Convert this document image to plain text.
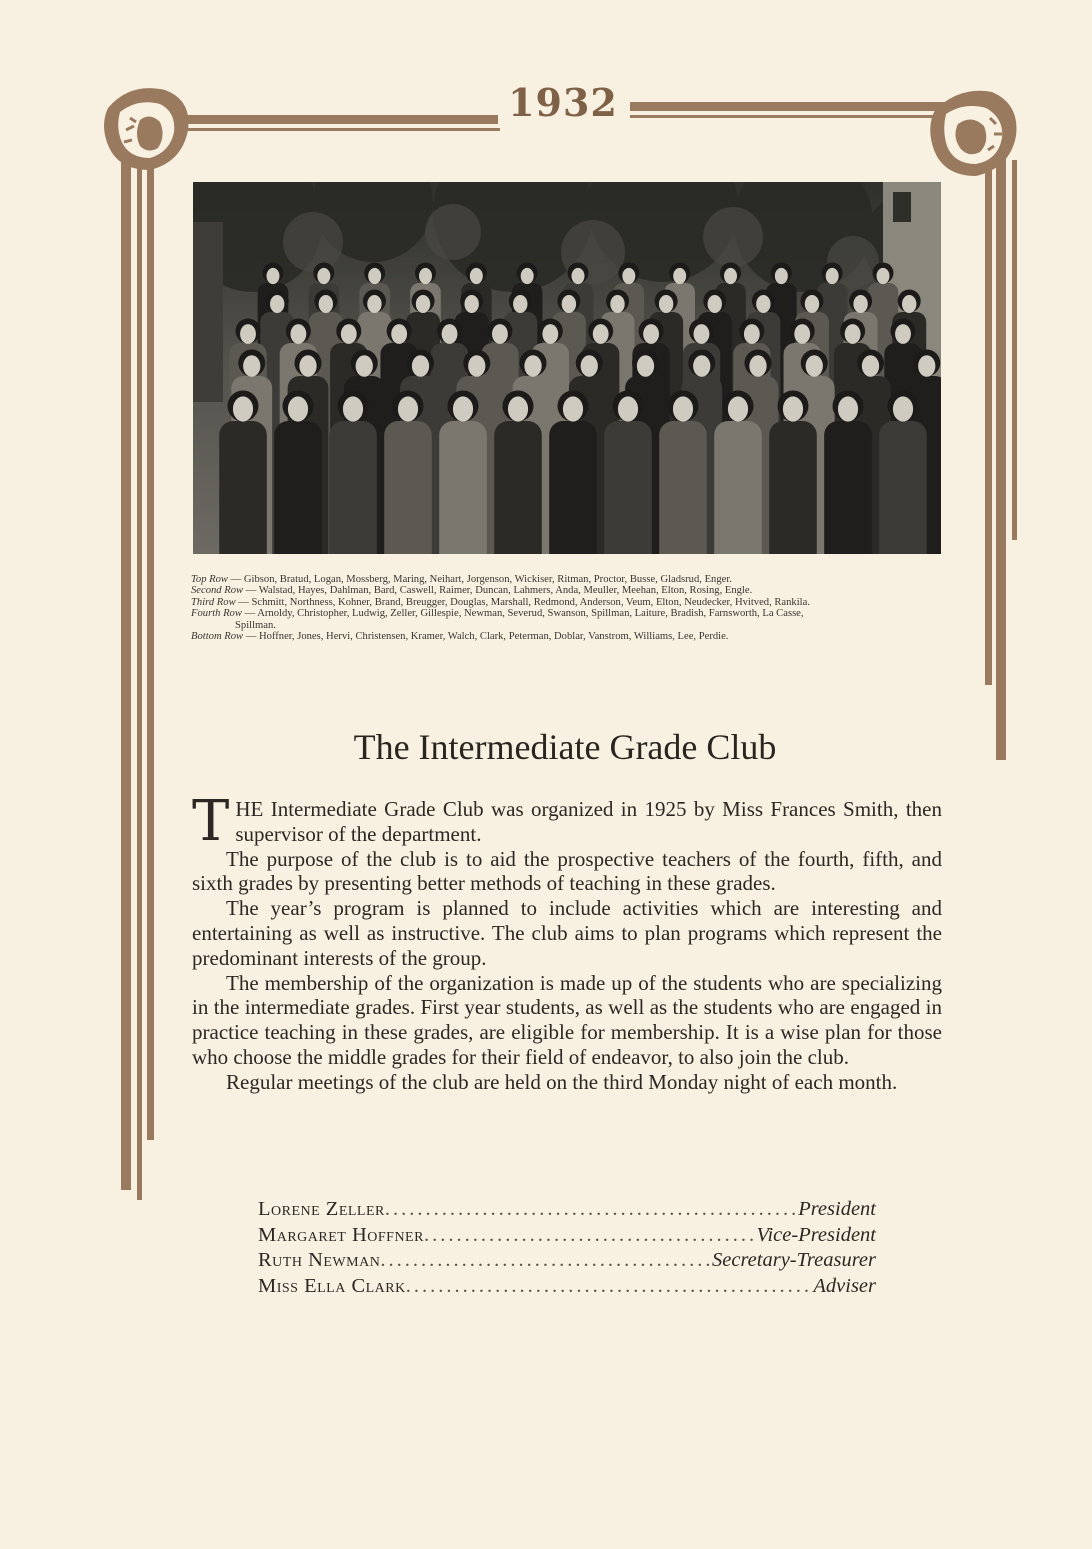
1932

Top Row — Gibson, Bratud, Logan, Mossberg, Maring, Neihart, Jorgenson, Wickiser, Ritman, Proctor, Busse, Gladsrud, Enger.

Second Row — Walstad, Hayes, Dahlman, Bard, Caswell, Raimer, Duncan, Lahmers, Anda, Meuller, Meehan, Elton, Rosing, Engle.

Third Row — Schmitt, Northness, Kohner, Brand, Breugger, Douglas, Marshall, Redmond, Anderson, Veum, Elton, Neudecker, Hvitved, Rankila.

Fourth Row — Arnoldy, Christopher, Ludwig, Zeller, Gillespie, Newman, Severud, Swanson, Spillman, Laiture, Bradish, Farnsworth, La Casse,

Spillman.

Bottom Row — Hoffner, Jones, Hervi, Christensen, Kramer, Walch, Clark, Peterman, Doblar, Vanstrom, Williams, Lee, Perdie.

The Intermediate Grade Club

THE Intermediate Grade Club was organized in 1925 by Miss Frances Smith, then supervisor of the department.

The purpose of the club is to aid the prospective teachers of the fourth, fifth, and sixth grades by presenting better methods of teaching in these grades.

The year’s program is planned to include activities which are interesting and entertaining as well as instructive. The club aims to plan programs which represent the predominant interests of the group.

The membership of the organization is made up of the students who are specializing in the intermediate grades. First year students, as well as the students who are engaged in practice teaching in these grades, are eligible for membership. It is a wise plan for those who choose the middle grades for their field of endeavor, to also join the club.

Regular meetings of the club are held on the third Monday night of each month.

Lorene Zeller .....	President
Margaret Hoffner .....	Vice-President
Ruth Newman .....	Secretary-Treasurer
Miss Ella Clark .....	Adviser
